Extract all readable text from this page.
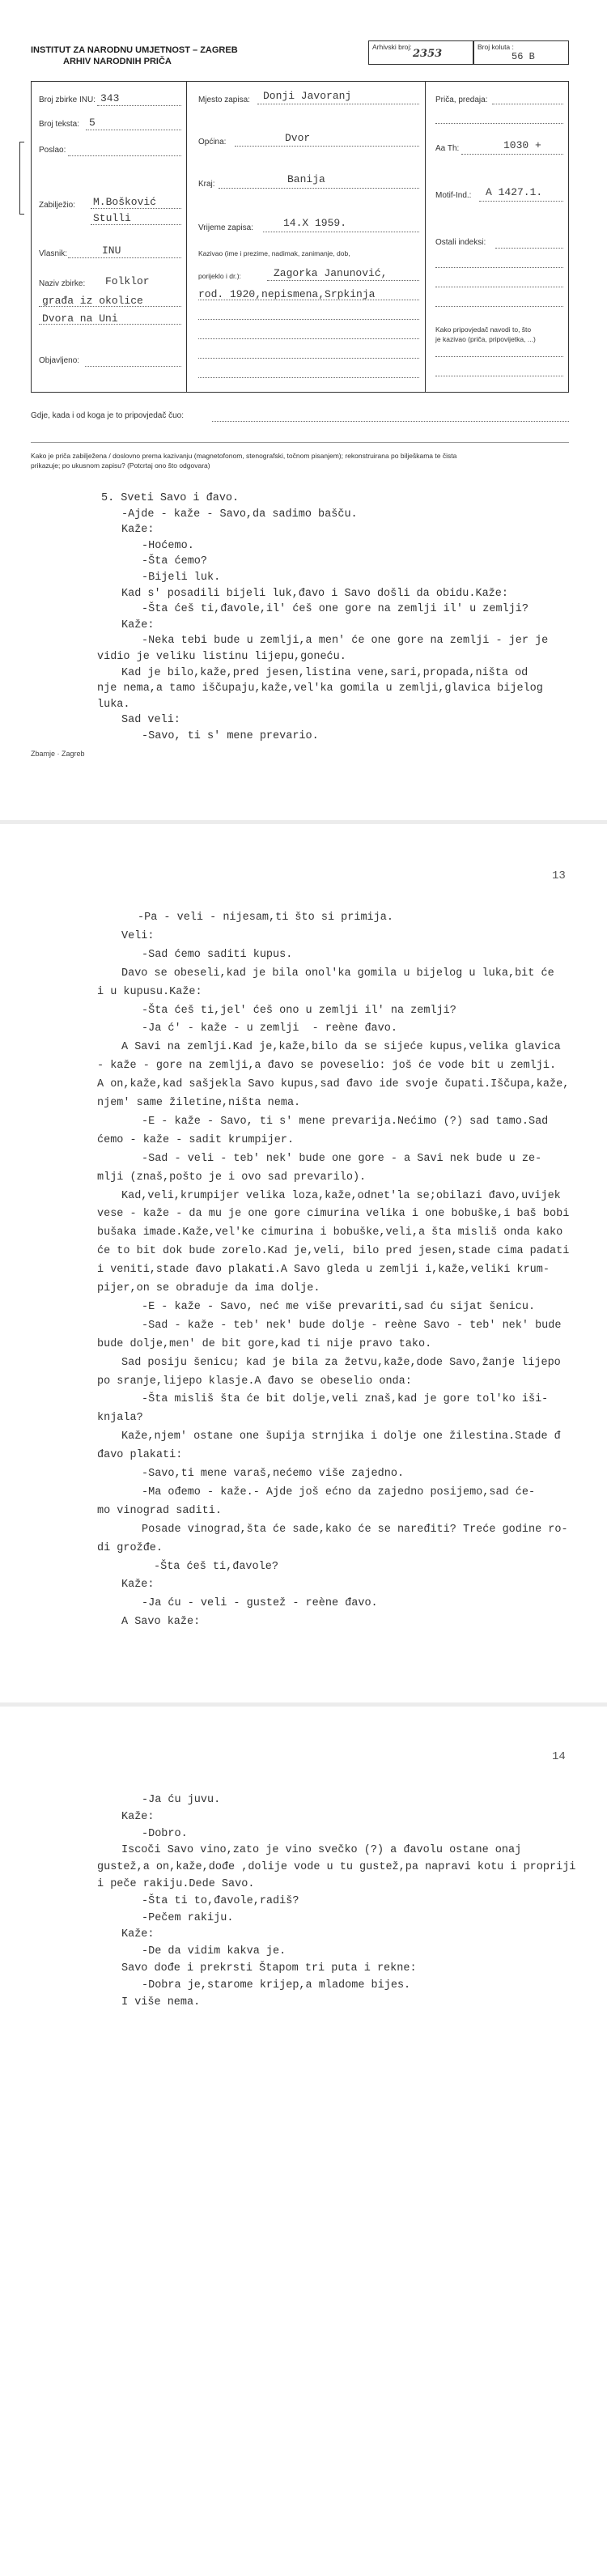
INSTITUT ZA NARODNU UMJETNOST – ZAGREB
ARHIV NARODNIH PRIČA
Arhivski broj:
2353
Broj kolutа :
56 B
Broj zbirke INU: 343
Broj teksta: 5
Poslao:
Zabilježio: M.Bošković
Stulli
Vlasnik:	INU
Naziv zbirke: Folklor
građa iz okolice
Dvora na Uni
Objavljeno:
Mjesto zapisa: Donji Javoranj
Općina:	Dvor
Kraj:	Banija
Vrijeme zapisa:	14.X 1959.
Kazivao (ime i prezime, nadimak, zanimanje, dob,
porijeklo i dr.):	Zagorka Janunović,
rod. 1920,nepismena,Srpkinja
Priča, predaja:
Aa Th:	1030 +
Motif-Ind.: A 1427.1.
Ostali indeksi:
Kako pripovjedač navodi to, što
je kazivao (priča, pripovijetka, ...)
Gdje, kada i od koga je to pripovjedač čuo:
Kako je priča zabilježena / doslovno prema kazivanju (magnetofonom, stenografski, točnom pisanjem); rekonstruirana po bilješkama te čista
prikazuje; po ukusnom zapisu? (Potcrtaj ono što odgovara)
5. Sveti Savo i đavo.
-Ajde - kaže - Savo,da sadimo bašču.
Kaže:
-Hoćemo.
-Šta ćemo?
-Bijeli luk.
Kad s' posadili bijeli luk,đavo i Savo došli da obidu.Kaže:
-Šta ćeš ti,đavole,il' ćeš one gore na zemlji il' u zemlji?
Kaže:
-Neka tebi bude u zemlji,a men' će one gore na zemlji - jer je
vidio je veliku listinu lijepu,goneću.
Kad je bilo,kaže,pred jesen,listina vene,sari,propada,ništa od
nje nema,a tamo iščupaju,kaže,vel'ka gomila u zemlji,glavica bijelog
luka.
Sad veli:
-Savo, ti s' mene prevario.
Zbamje · Zagreb
13
-Pa - veli - nijesam,ti što si primija.
Veli:
-Sad ćemo saditi kupus.
Davo se obeseli,kad je bila onol'ka gomila u bijelog u luka,bit će
i u kupusu.Kaže:
-Šta ćeš ti,jel' ćeš ono u zemlji il' na zemlji?
-Ja ć' - kaže - u zemlji  - reène đavo.
A Savi na zemlji.Kad je,kaže,bilo da se sijeće kupus,velika glavica
- kaže - gore na zemlji,a đavo se poveselio: još će vode bit u zemlji.
A on,kaže,kad sašjekla Savo kupus,sad đavo ide svoje čupati.Iščupa,kaže,
njem' same žiletine,ništa nema.
-E - kaže - Savo, ti s' mene prevarija.Nećimo (?) sad tamo.Sad
ćemo - kaže - sadit krumpijer.
-Sad - veli - teb' nek' bude one gore - a Savi nek bude u ze-
mlji (znaš,pošto je i ovo sad prevarilo).
Kad,veli,krumpijer velika loza,kaže,odnet'la se;obilazi đavo,uvijek
vese - kaže - da mu je one gore cimurina velika i one bobuške,i baš bobi
bušaka imade.Kaže,vel'ke cimurina i bobuške,veli,a šta misliš onda kako
će to bit dok bude zorelo.Kad je,veli, bilo pred jesen,stade cima padati
i veniti,stade đavo plakati.A Savo gleda u zemlji i,kaže,veliki krum-
pijer,on se obraduje da ima dolje.
-E - kaže - Savo, neć me više prevariti,sad ću sijat šenicu.
-Sad - kaže - teb' nek' bude dolje - reène Savo - teb' nek' bude
bude dolje,men' de bit gore,kad ti nije pravo tako.
Sad posiju šenicu; kad je bila za žetvu,kaže,dode Savo,žanje lijepo
po sranje,lijepo klasje.A đavo se obeselio onda:
-Šta misliš šta će bit dolje,veli znaš,kad je gore tol'ko iši-
knjala?
Kaže,njem' ostane one šupija strnjika i dolje one žilestina.Stade đ
đavo plakati:
-Savo,ti mene varaš,nećemo više zajedno.
-Ma ođemo - kaže.- Ajde još ećno da zajedno posijemo,sad će-
mo vinograd saditi.
Posade vinograd,šta će sade,kako će se naređiti? Treće godine ro-
di grožđe.
-Šta ćeš ti,đavole?
Kaže:
-Ja ću - veli - gustež - reène đavo.
A Savo kaže:
14
-Ja ću juvu.
Kaže:
-Dobro.
Iscoči Savo vino,zato je vino svečko (?) a đavolu ostane onaj
gustež,a on,kaže,dođe ,dolije vode u tu gustež,pa napravi kotu i propriji
i peče rakiju.Dede Savo.
-Šta ti to,đavole,radiš?
-Pečem rakiju.
Kaže:
-De da vidim kakva je.
Savo dođe i prekrsti Štapom tri puta i rekne:
-Dobra je,starome krijep,a mladome bijes.
I više nema.
